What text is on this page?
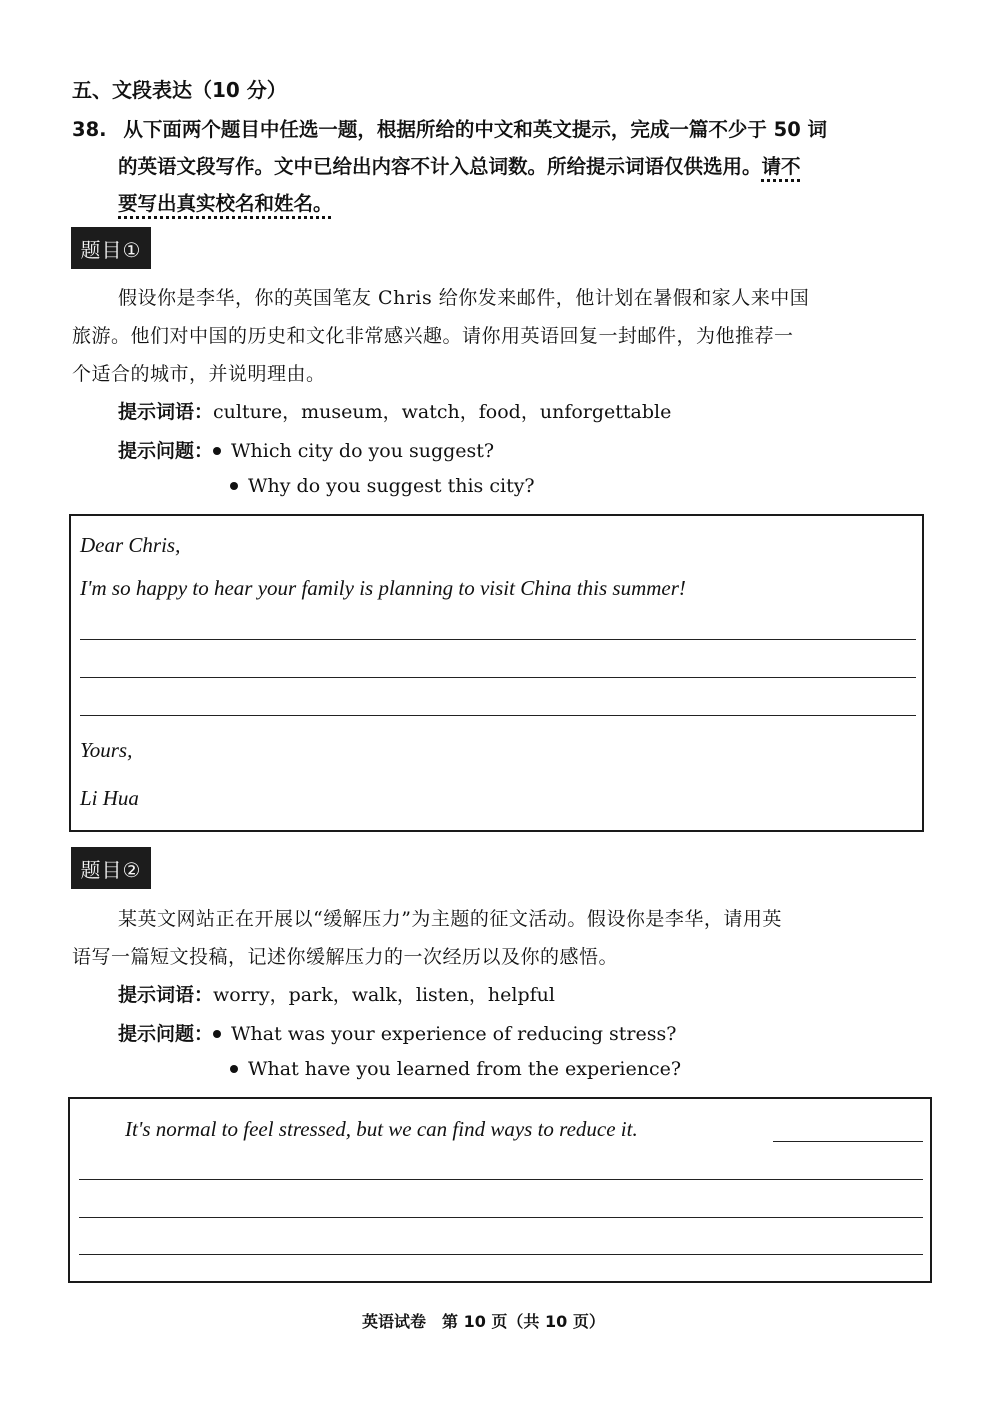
五、文段表达（10 分）
38. 从下面两个题目中任选一题，根据所给的中文和英文提示，完成一篇不少于 50 词
的英语文段写作。文中已给出内容不计入总词数。所给提示词语仅供选用。请不
要写出真实校名和姓名。
题目①
假设你是李华，你的英国笔友 Chris 给你发来邮件，他计划在暑假和家人来中国
旅游。他们对中国的历史和文化非常感兴趣。请你用英语回复一封邮件，为他推荐一
个适合的城市，并说明理由。
提示词语：culture，museum，watch，food，unforgettable
提示问题： Which city do you suggest?
Why do you suggest this city?
Dear Chris,
I'm so happy to hear your family is planning to visit China this summer!
Yours,
Li Hua
题目②
某英文网站正在开展以“缓解压力”为主题的征文活动。假设你是李华，请用英
语写一篇短文投稿，记述你缓解压力的一次经历以及你的感悟。
提示词语：worry，park，walk，listen，helpful
提示问题： What was your experience of reducing stress?
What have you learned from the experience?
It's normal to feel stressed, but we can find ways to reduce it.
英语试卷　第 10 页（共 10 页）
